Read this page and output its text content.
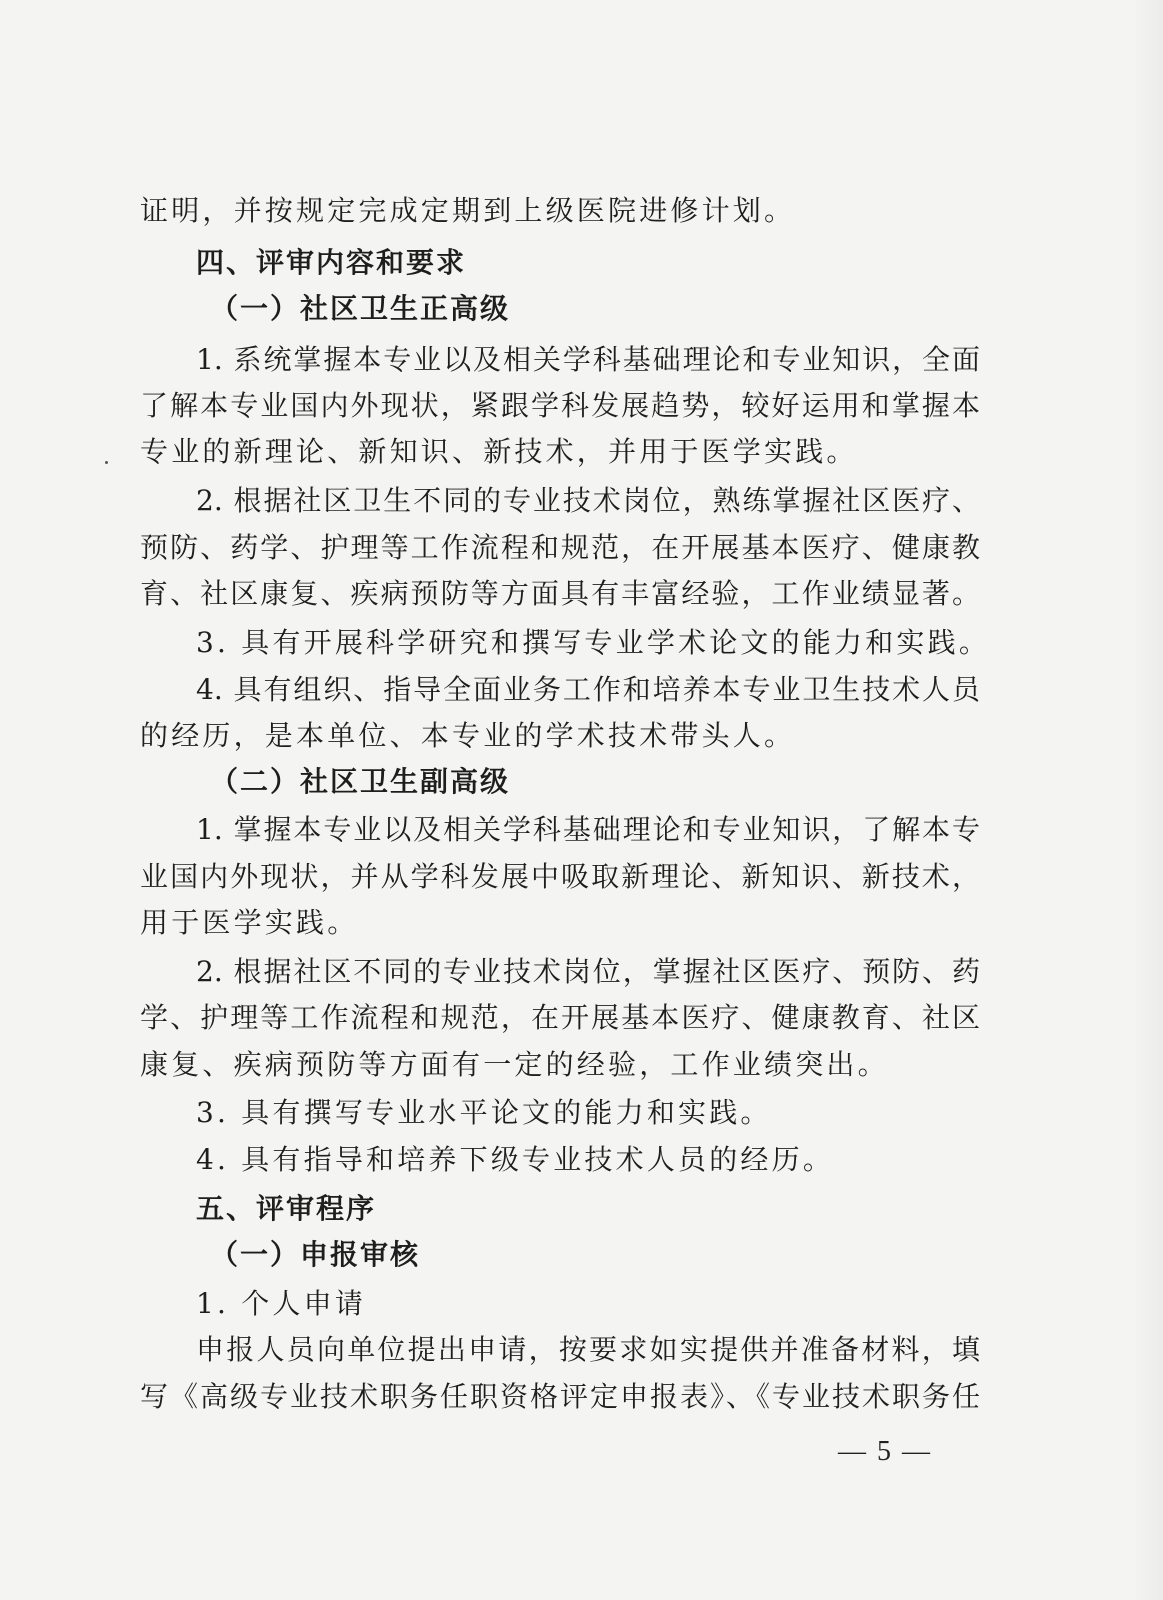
证明，并按规定完成定期到上级医院进修计划。
四、评审内容和要求
（一）社区卫生正高级
1. 系统掌握本专业以及相关学科基础理论和专业知识，全面
了解本专业国内外现状，紧跟学科发展趋势，较好运用和掌握本
专业的新理论、新知识、新技术，并用于医学实践。
2. 根据社区卫生不同的专业技术岗位，熟练掌握社区医疗、
预防、药学、护理等工作流程和规范，在开展基本医疗、健康教
育、社区康复、疾病预防等方面具有丰富经验，工作业绩显著。
3. 具有开展科学研究和撰写专业学术论文的能力和实践。
4. 具有组织、指导全面业务工作和培养本专业卫生技术人员
的经历，是本单位、本专业的学术技术带头人。
（二）社区卫生副高级
1. 掌握本专业以及相关学科基础理论和专业知识，了解本专
业国内外现状，并从学科发展中吸取新理论、新知识、新技术，
用于医学实践。
2. 根据社区不同的专业技术岗位，掌握社区医疗、预防、药
学、护理等工作流程和规范，在开展基本医疗、健康教育、社区
康复、疾病预防等方面有一定的经验，工作业绩突出。
3. 具有撰写专业水平论文的能力和实践。
4. 具有指导和培养下级专业技术人员的经历。
五、评审程序
（一）申报审核
1. 个人申请
申报人员向单位提出申请，按要求如实提供并准备材料，填
写《高级专业技术职务任职资格评定申报表》、《专业技术职务任
— 5 —
